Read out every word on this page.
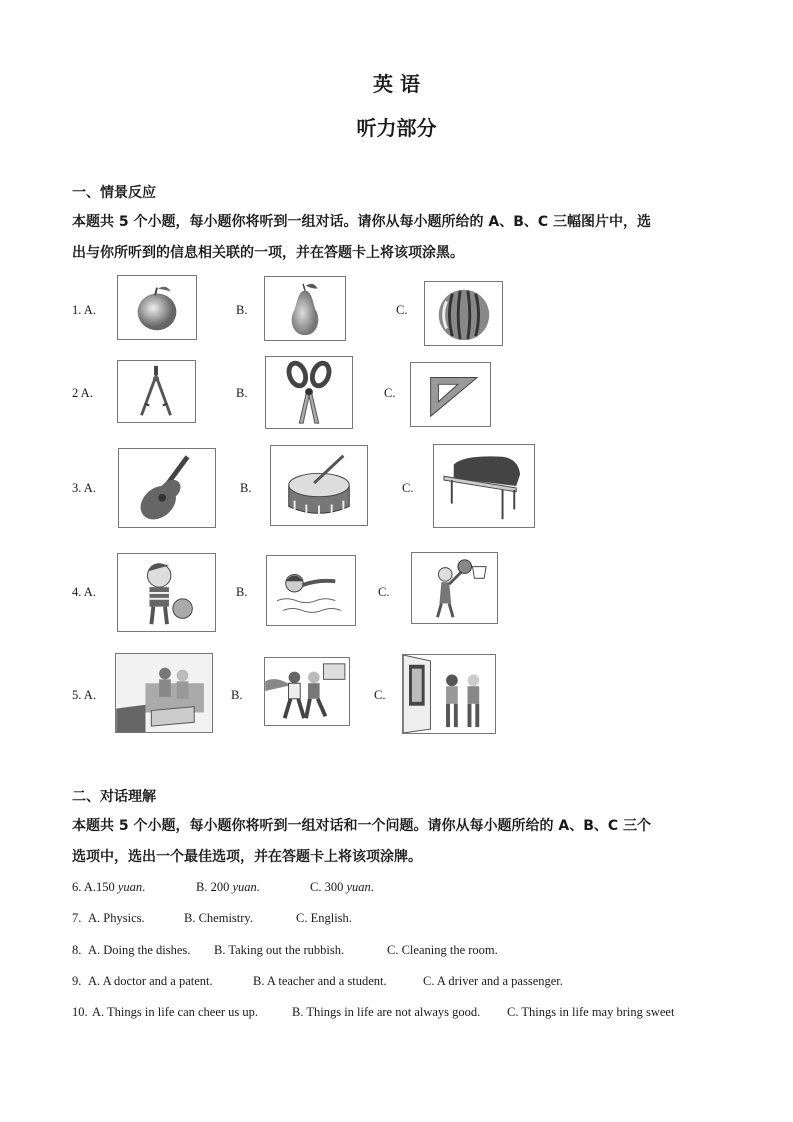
英 语
听力部分
一、情景反应
本题共 5 个小题，每小题你将听到一组对话。请你从每小题所给的 A、B、C 三幅图片中，选
出与你所听到的信息相关联的一项，并在答题卡上将该项涂黑。
1. A.	B.	C.
2 A.	B.	C.
3. A.	B.	C.
4. A.	B.	C.
5. A.	B.	C.
二、对话理解
本题共 5 个小题，每小题你将听到一组对话和一个问题。请你从每小题所给的 A、B、C 三个
选项中，选出一个最佳选项，并在答题卡上将该项涂牌。
6. A.150 yuan.	B. 200 yuan.	C. 300 yuan.
7. A. Physics.	B. Chemistry.	C. English.
8. A. Doing the dishes. B. Taking out the rubbish.	C. Cleaning the room.
9. A. A doctor and a patent.	B. A teacher and a student.	C. A driver and a passenger.
10. A. Things in life can cheer us up.	B. Things in life are not always good. C. Things in life may bring sweet
